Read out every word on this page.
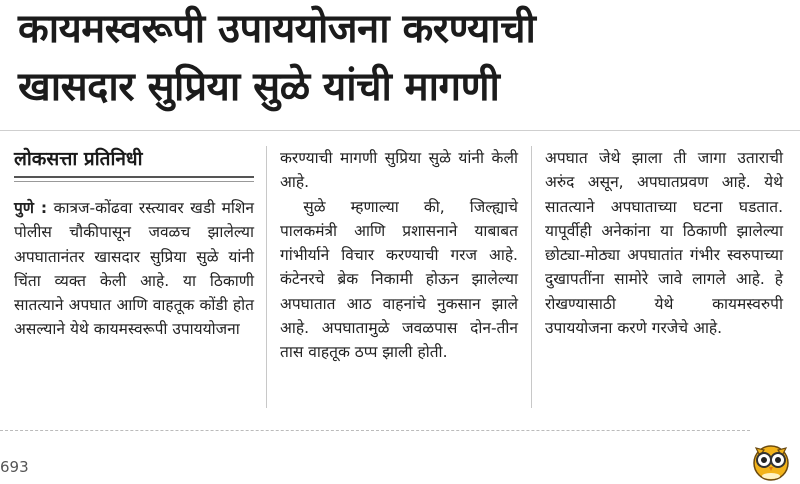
कायमस्वरूपी उपाययोजना करण्याची
खासदार सुप्रिया सुळे यांची मागणी
लोकसत्ता प्रतिनिधी

पुणे : कात्रज-कोंढवा रस्त्यावर खडी मशिन पोलीस चौकीपासून जवळच झालेल्या अपघातानंतर खासदार सुप्रिया सुळे यांनी चिंता व्यक्त केली आहे. या ठिकाणी सातत्याने अपघात आणि वाहतूक कोंडी होत असल्याने येथे कायमस्वरूपी उपाययोजना

करण्याची मागणी सुप्रिया सुळे यांनी केली आहे.

सुळे म्हणाल्या की, जिल्ह्याचे पालकमंत्री आणि प्रशासनाने याबाबत गांभीर्याने विचार करण्याची गरज आहे. कंटेनरचे ब्रेक निकामी होऊन झालेल्या अपघातात आठ वाहनांचे नुकसान झाले आहे. अपघातामुळे जवळपास दोन-तीन तास वाहतूक ठप्प झाली होती.

अपघात जेथे झाला ती जागा उताराची अरुंद असून, अपघातप्रवण आहे. येथे सातत्याने अपघाताच्या घटना घडतात. यापूर्वीही अनेकांना या ठिकाणी झालेल्या छोट्या-मोठ्या अपघातांत गंभीर स्वरुपाच्या दुखापतींना सामोरे जावे लागले आहे. हे रोखण्यासाठी येथे कायमस्वरुपी उपाययोजना करणे गरजेचे आहे.

693
